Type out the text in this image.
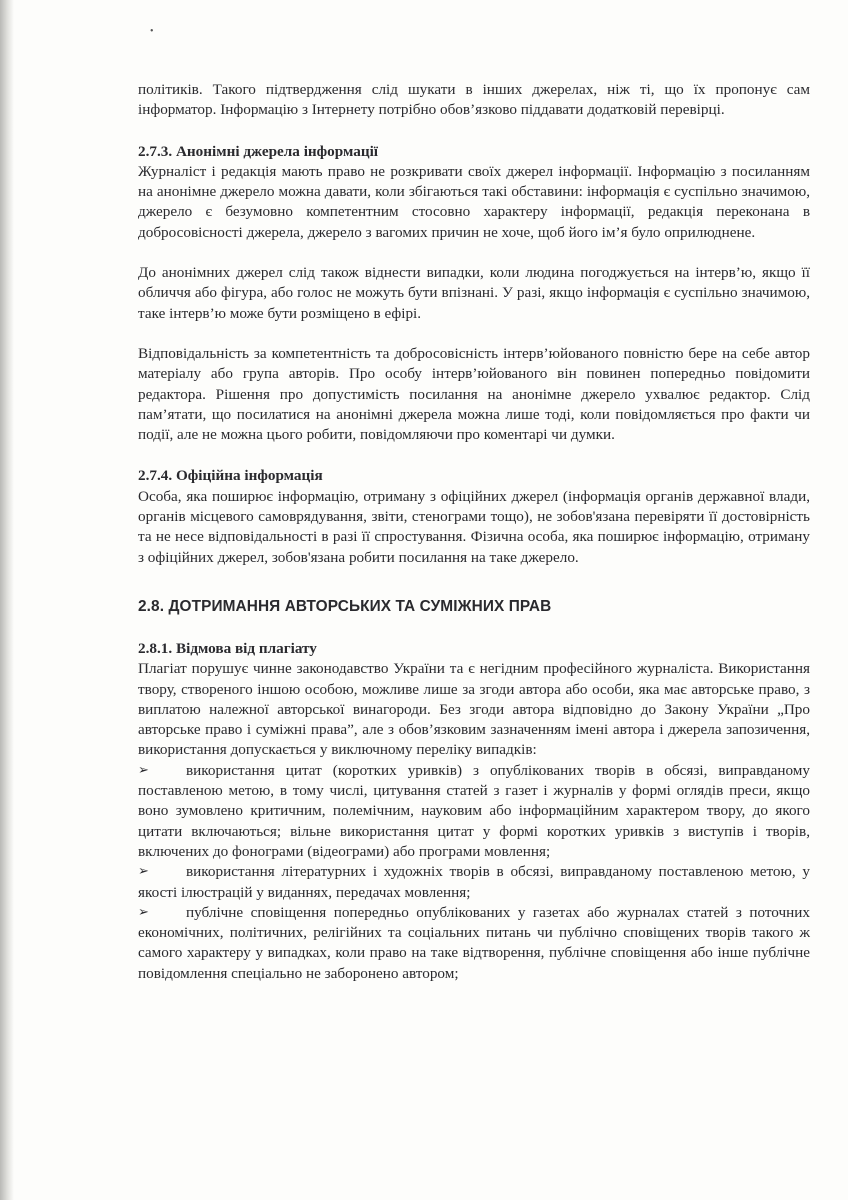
•

політиків. Такого підтвердження слід шукати в інших джерелах, ніж ті, що їх пропонує сам інформатор. Інформацію з Інтернету потрібно обов’язково піддавати додатковій перевірці.

2.7.3. Анонімні джерела інформації

Журналіст і редакція мають право не розкривати своїх джерел інформації. Інформацію з посиланням на анонімне джерело можна давати, коли збігаються такі обставини: інформація є суспільно значимою, джерело є безумовно компетентним стосовно характеру інформації, редакція переконана в добросовісності джерела, джерело з вагомих причин не хоче, щоб його ім’я було оприлюднене.

До анонімних джерел слід також віднести випадки, коли людина погоджується на інтерв’ю, якщо її обличчя або фігура, або голос не можуть бути впізнані. У разі, якщо інформація є суспільно значимою, таке інтерв’ю може бути розміщено в ефірі.

Відповідальність за компетентність та добросовісність інтерв’юйованого повністю бере на себе автор матеріалу або група авторів. Про особу інтерв’юйованого він повинен попередньо повідомити редактора. Рішення про допустимість посилання на анонімне джерело ухвалює редактор. Слід пам’ятати, що посилатися на анонімні джерела можна лише тоді, коли повідомляється про факти чи події, але не можна цього робити, повідомляючи про коментарі чи думки.

2.7.4. Офіційна інформація

Особа, яка поширює інформацію, отриману з офіційних джерел (інформація органів державної влади, органів місцевого самоврядування, звіти, стенограми тощо), не зобов'язана перевіряти її достовірність та не несе відповідальності в разі її спростування. Фізична особа, яка поширює інформацію, отриману з офіційних джерел, зобов'язана робити посилання на таке джерело.

2.8. ДОТРИМАННЯ АВТОРСЬКИХ ТА СУМІЖНИХ ПРАВ
2.8.1. Відмова від плагіату

Плагіат порушує чинне законодавство України та є негідним професійного журналіста. Використання твору, створеного іншою особою, можливе лише за згоди автора або особи, яка має авторське право, з виплатою належної авторської винагороди. Без згоди автора відповідно до Закону України „Про авторське право і суміжні права”, але з обов’язковим зазначенням імені автора і джерела запозичення, використання допускається у виключному переліку випадків:

➢ використання цитат (коротких уривків) з опублікованих творів в обсязі, виправданому поставленою метою, в тому числі, цитування статей з газет і журналів у формі оглядів преси, якщо воно зумовлено критичним, полемічним, науковим або інформаційним характером твору, до якого цитати включаються; вільне використання цитат у формі коротких уривків з виступів і творів, включених до фонограми (відеограми) або програми мовлення;

➢ використання літературних і художніх творів в обсязі, виправданому поставленою метою, у якості ілюстрацій у виданнях, передачах мовлення;

➢ публічне сповіщення попередньо опублікованих у газетах або журналах статей з поточних економічних, політичних, релігійних та соціальних питань чи публічно сповіщених творів такого ж самого характеру у випадках, коли право на таке відтворення, публічне сповіщення або інше публічне повідомлення спеціально не заборонено автором;
